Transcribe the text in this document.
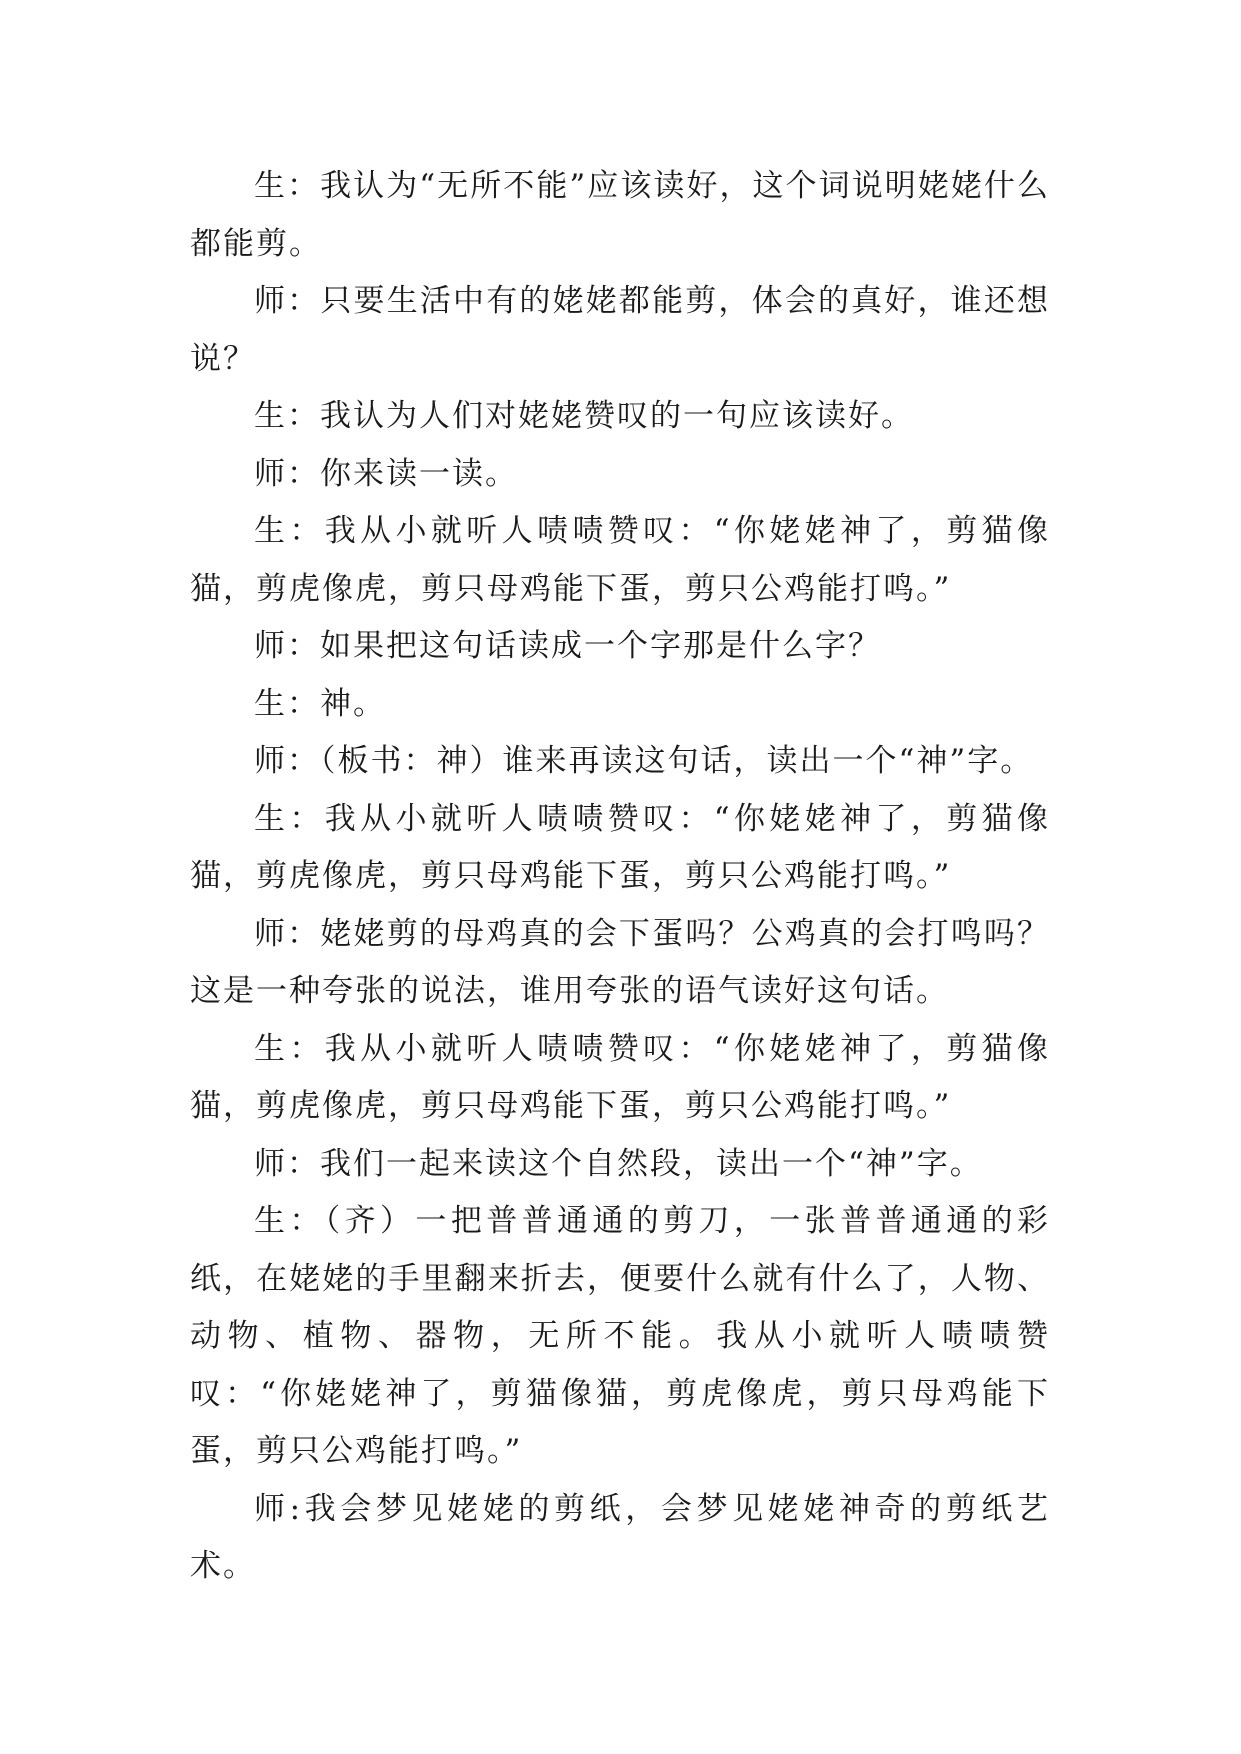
生：我认为“无所不能”应该读好，这个词说明姥姥什么都能剪。

师：只要生活中有的姥姥都能剪，体会的真好，谁还想说？

生：我认为人们对姥姥赞叹的一句应该读好。

师：你来读一读。

生：我从小就听人啧啧赞叹：“你姥姥神了，剪猫像猫，剪虎像虎，剪只母鸡能下蛋，剪只公鸡能打鸣。”

师：如果把这句话读成一个字那是什么字？

生：神。

师：（板书：神）谁来再读这句话，读出一个“神”字。

生：我从小就听人啧啧赞叹：“你姥姥神了，剪猫像猫，剪虎像虎，剪只母鸡能下蛋，剪只公鸡能打鸣。”

师：姥姥剪的母鸡真的会下蛋吗？公鸡真的会打鸣吗？这是一种夸张的说法，谁用夸张的语气读好这句话。

生：我从小就听人啧啧赞叹：“你姥姥神了，剪猫像猫，剪虎像虎，剪只母鸡能下蛋，剪只公鸡能打鸣。”

师：我们一起来读这个自然段，读出一个“神”字。

生：（齐）一把普普通通的剪刀，一张普普通通的彩纸，在姥姥的手里翻来折去，便要什么就有什么了，人物、动物、植物、器物，无所不能。我从小就听人啧啧赞叹：“你姥姥神了，剪猫像猫，剪虎像虎，剪只母鸡能下蛋，剪只公鸡能打鸣。”

师:我会梦见姥姥的剪纸，会梦见姥姥神奇的剪纸艺术。
